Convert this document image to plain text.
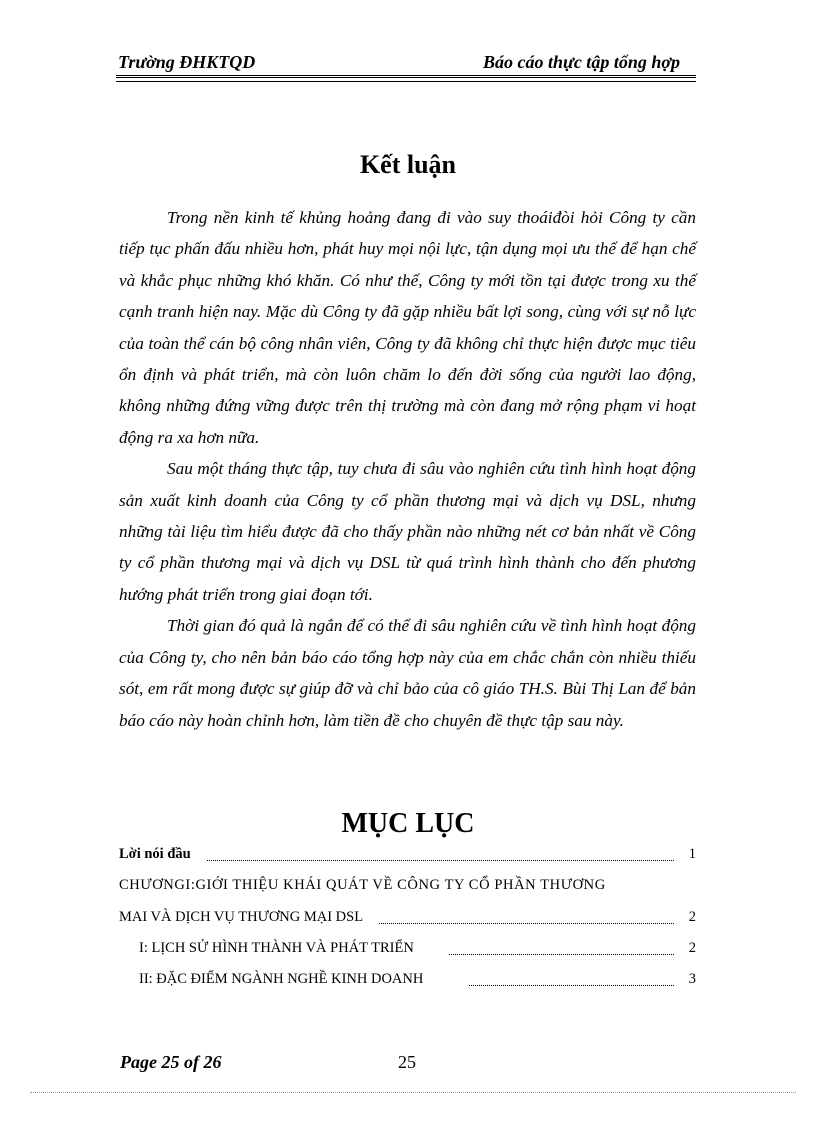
Trường ĐHKTQD	Báo cáo thực tập tổng hợp
Kết luận

Trong nền kinh tế khủng hoảng đang đi vào suy thoáiđòi hỏi Công ty cần tiếp tục phấn đấu nhiều hơn, phát huy mọi nội lực, tận dụng mọi ưu thế để hạn chế và khắc phục những khó khăn. Có như thế, Công ty mới tồn tại được trong xu thế cạnh tranh hiện nay. Mặc dù Công ty đã gặp nhiều bất lợi song, cùng với sự nỗ lực của toàn thể cán bộ công nhân viên, Công ty đã không chỉ thực hiện được mục tiêu ổn định và phát triển, mà còn luôn chăm lo đến đời sống của người lao động, không những đứng vững được trên thị trường mà còn đang mở rộng phạm vi hoạt động ra xa hơn nữa.

Sau một tháng thực tập, tuy chưa đi sâu vào nghiên cứu tình hình hoạt động sản xuất kinh doanh của Công ty cổ phần thương mại và dịch vụ DSL, nhưng những tài liệu tìm hiểu được đã cho thấy phần nào những nét cơ bản nhất về Công ty cổ phần thương mại và dịch vụ DSL từ quá trình hình thành cho đến phương hướng phát triển trong giai đoạn tới.

Thời gian đó quả là ngắn để có thể đi sâu nghiên cứu về tình hình hoạt động của Công ty, cho nên bản báo cáo tổng hợp này của em chắc chắn còn nhiều thiếu sót, em rất mong được sự giúp đỡ và chỉ bảo của cô giáo TH.S. Bùi Thị Lan để bản báo cáo này hoàn chỉnh hơn, làm tiền đề cho chuyên đề thực tập sau này.

MỤC LỤC
Lời nói đầu	1
CHƯƠNGI:GIỚI THIỆU KHÁI QUÁT VỀ CÔNG TY CỔ PHẦN THƯƠNG
MAI VÀ DỊCH VỤ THƯƠNG MẠI DSL	2
I: LỊCH SỬ HÌNH THÀNH VÀ PHÁT TRIỂN	2
II: ĐẶC ĐIỂM NGÀNH NGHỀ KINH DOANH	3
Page 25 of 26	25
